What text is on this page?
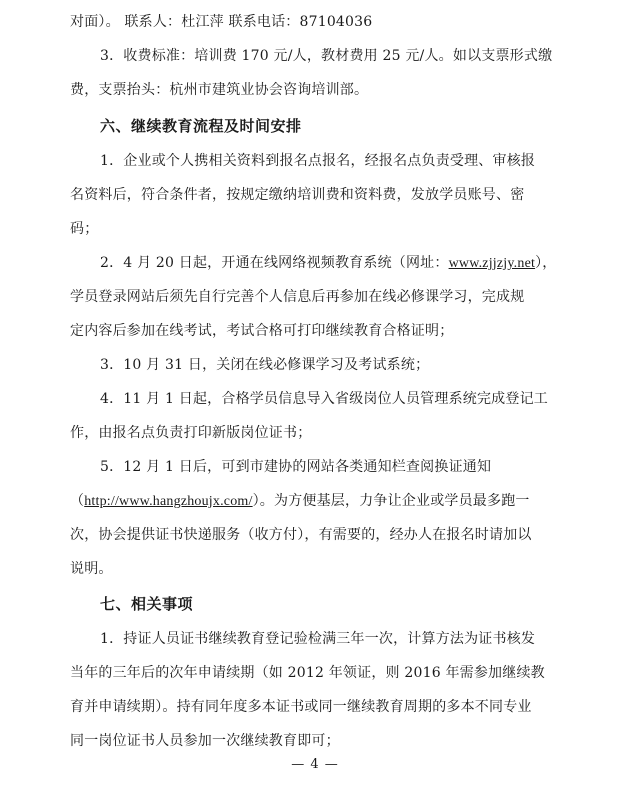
对面）。 联系人：杜江萍 联系电话：87104036
3．收费标准：培训费 170 元/人，教材费用 25 元/人。如以支票形式缴
费，支票抬头：杭州市建筑业协会咨询培训部。
六、继续教育流程及时间安排
1．企业或个人携相关资料到报名点报名，经报名点负责受理、审核报
名资料后，符合条件者，按规定缴纳培训费和资料费，发放学员账号、密
码；
2．4 月 20 日起，开通在线网络视频教育系统（网址：www.zjjzjy.net），
学员登录网站后须先自行完善个人信息后再参加在线必修课学习，完成规
定内容后参加在线考试，考试合格可打印继续教育合格证明；
3．10 月 31 日，关闭在线必修课学习及考试系统；
4．11 月 1 日起，合格学员信息导入省级岗位人员管理系统完成登记工
作，由报名点负责打印新版岗位证书；
5．12 月 1 日后，可到市建协的网站各类通知栏查阅换证通知
（http://www.hangzhoujx.com/）。为方便基层，力争让企业或学员最多跑一
次，协会提供证书快递服务（收方付），有需要的，经办人在报名时请加以
说明。
七、相关事项
1．持证人员证书继续教育登记验检满三年一次，计算方法为证书核发
当年的三年后的次年申请续期（如 2012 年领证，则 2016 年需参加继续教
育并申请续期）。持有同年度多本证书或同一继续教育周期的多本不同专业
同一岗位证书人员参加一次继续教育即可；
— 4 —
